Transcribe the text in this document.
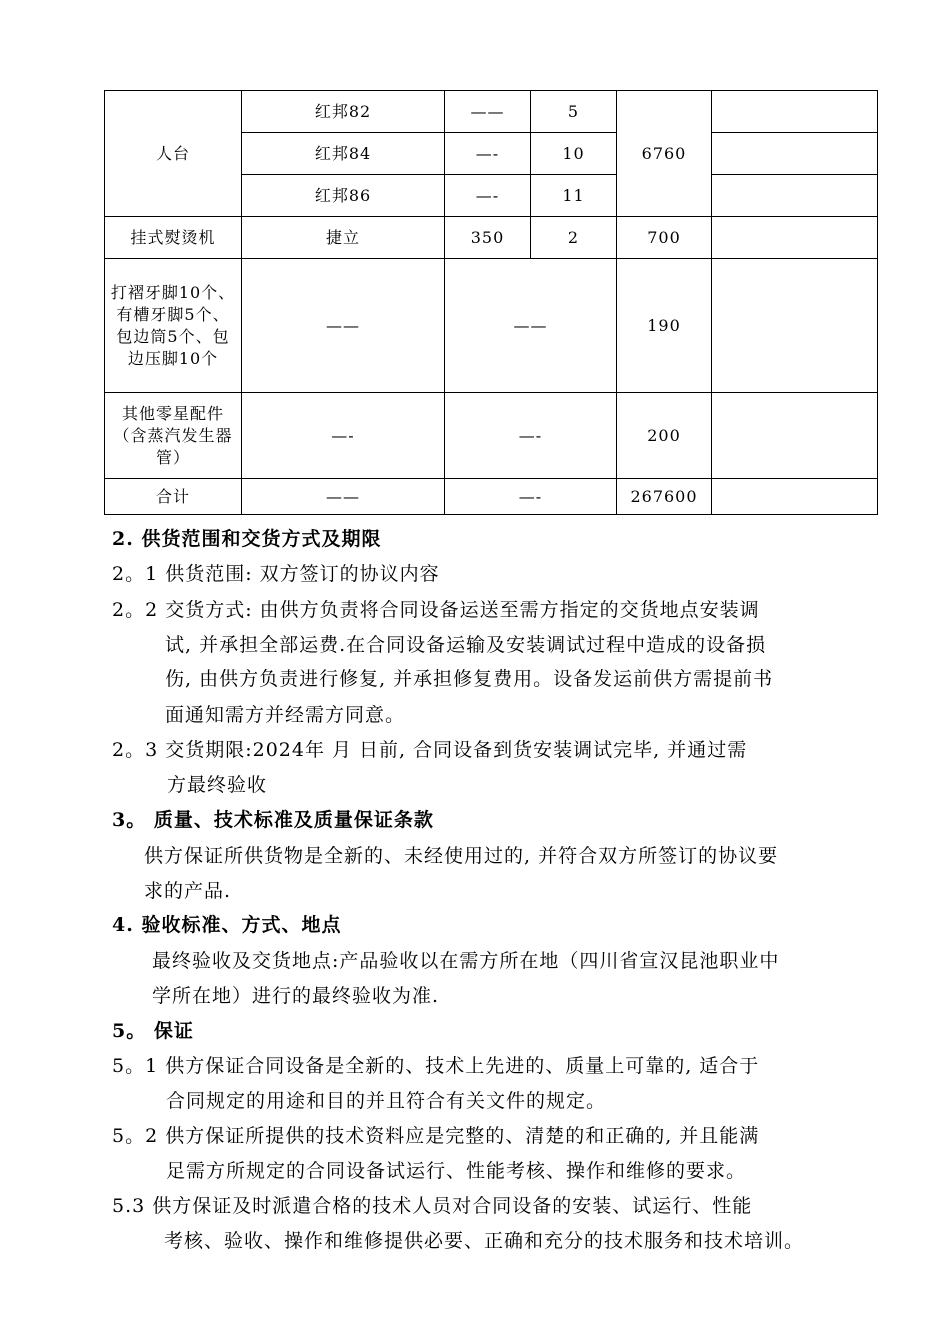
人台	红邦82	——	5	6760	
	红邦84	—-	10		
	红邦86	—-	11		
挂式熨烫机	捷立	350	2	700	
打褶牙脚10个、有槽牙脚5个、包边筒5个、包边压脚10个	——	——		190	
其他零星配件（含蒸汽发生器管）	—-	—-		200	
合计	——	—-		267600	
2. 供货范围和交货方式及期限
2。1 供货范围: 双方签订的协议内容
2。2 交货方式: 由供方负责将合同设备运送至需方指定的交货地点安装调
试, 并承担全部运费.在合同设备运输及安装调试过程中造成的设备损
伤, 由供方负责进行修复, 并承担修复费用。设备发运前供方需提前书
面通知需方并经需方同意。
2。3 交货期限:2024年 月 日前, 合同设备到货安装调试完毕, 并通过需
方最终验收
3。 质量、技术标准及质量保证条款
供方保证所供货物是全新的、未经使用过的, 并符合双方所签订的协议要
求的产品.
4. 验收标准、方式、地点
最终验收及交货地点:产品验收以在需方所在地（四川省宣汉昆池职业中
学所在地）进行的最终验收为准.
5。 保证
5。1 供方保证合同设备是全新的、技术上先进的、质量上可靠的, 适合于
合同规定的用途和目的并且符合有关文件的规定。
5。2 供方保证所提供的技术资料应是完整的、清楚的和正确的, 并且能满
足需方所规定的合同设备试运行、性能考核、操作和维修的要求。
5.3 供方保证及时派遣合格的技术人员对合同设备的安装、试运行、性能
考核、验收、操作和维修提供必要、正确和充分的技术服务和技术培训。
